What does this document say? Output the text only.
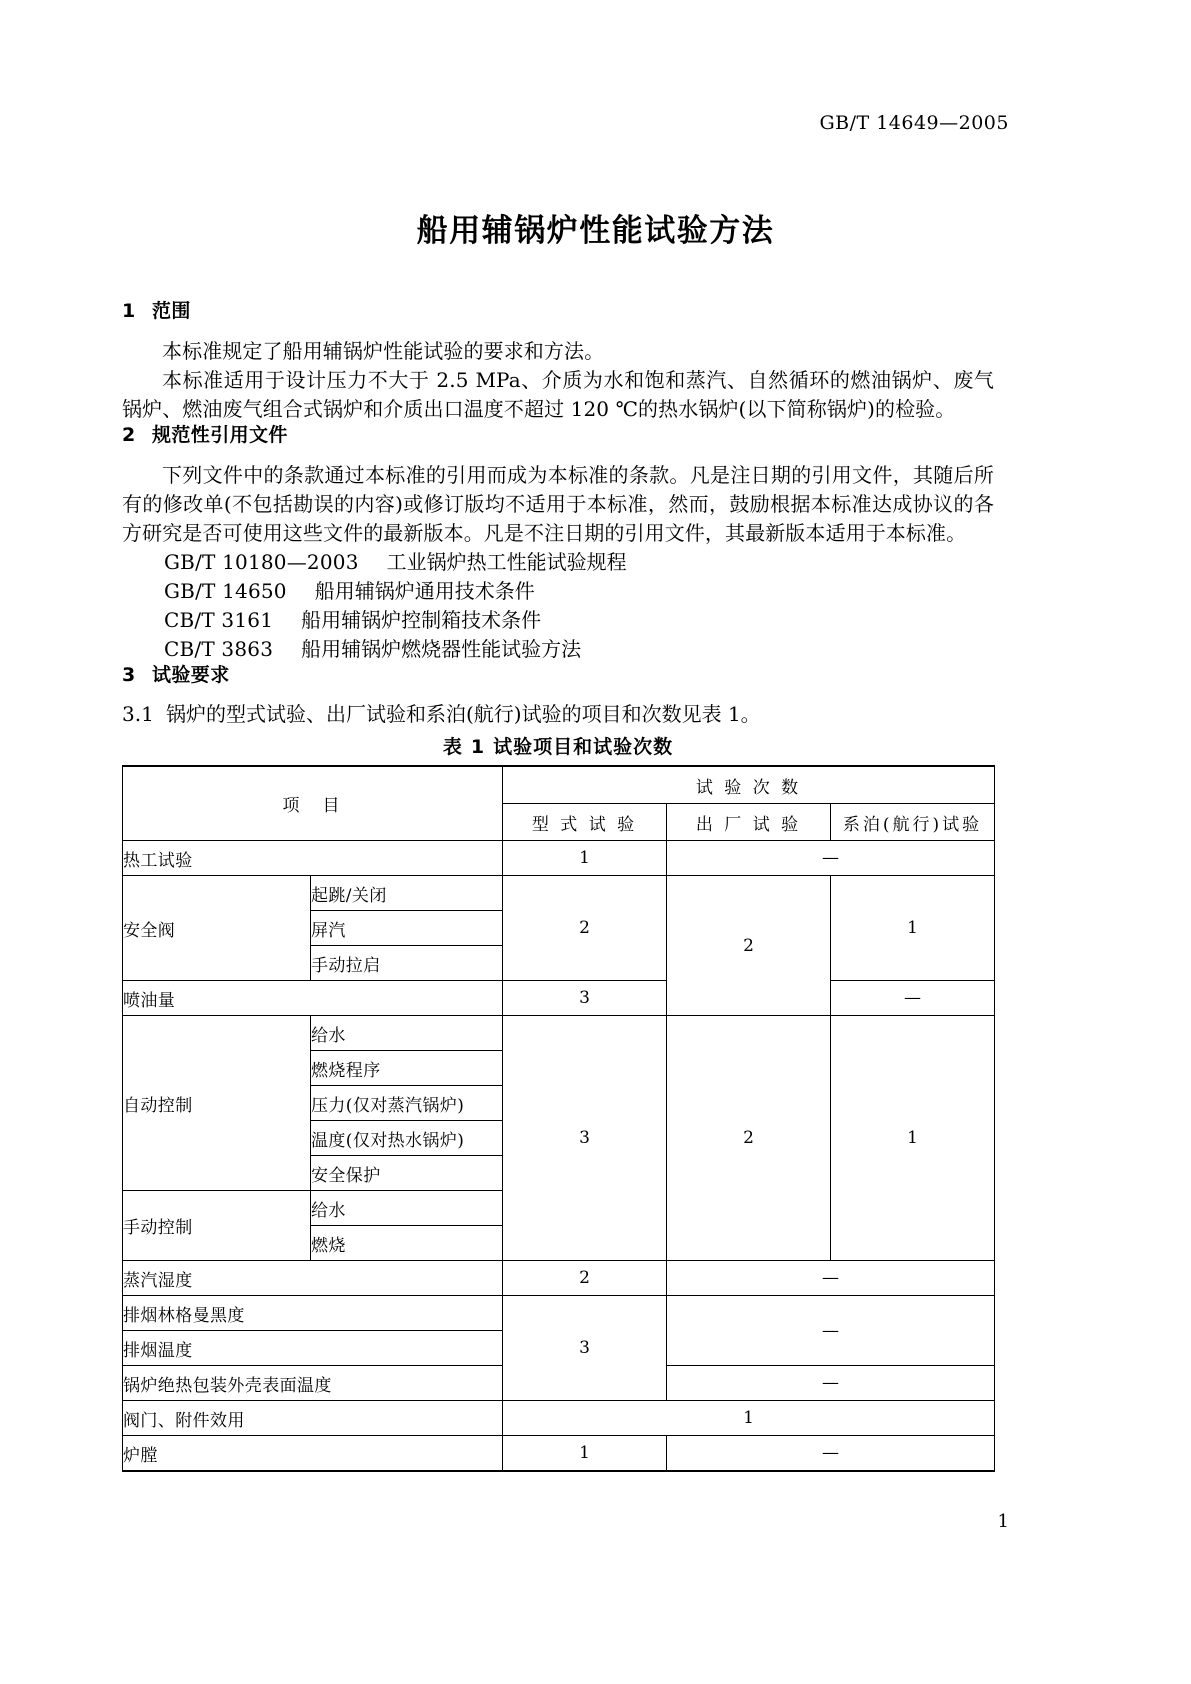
GB/T 14649—2005
船用辅锅炉性能试验方法
1 范围

本标准规定了船用辅锅炉性能试验的要求和方法。

本标准适用于设计压力不大于 2.5 MPa、介质为水和饱和蒸汽、自然循环的燃油锅炉、废气锅炉、燃油废气组合式锅炉和介质出口温度不超过 120 ℃的热水锅炉(以下简称锅炉)的检验。

2 规范性引用文件

下列文件中的条款通过本标准的引用而成为本标准的条款。凡是注日期的引用文件，其随后所有的修改单(不包括勘误的内容)或修订版均不适用于本标准，然而，鼓励根据本标准达成协议的各方研究是否可使用这些文件的最新版本。凡是不注日期的引用文件，其最新版本适用于本标准。

GB/T 10180—2003 工业锅炉热工性能试验规程
GB/T 14650 船用辅锅炉通用技术条件
CB/T 3161 船用辅锅炉控制箱技术条件
CB/T 3863 船用辅锅炉燃烧器性能试验方法
3 试验要求

3.1 锅炉的型式试验、出厂试验和系泊(航行)试验的项目和次数见表 1。

表 1 试验项目和试验次数
项　目		试 验 次 数		
		型 式 试 验	出 厂 试 验	系泊(航行)试验
热工试验		1	—	
安全阀	起跳/关闭	2	2	1
	屏汽			
	手动拉启			
喷油量		3		—
自动控制	给水	3	2	1
	燃烧程序			
	压力(仅对蒸汽锅炉)			
	温度(仅对热水锅炉)			
	安全保护			
手动控制	给水			
	燃烧			
蒸汽湿度		2	—	
排烟林格曼黑度		3	—	
排烟温度				
锅炉绝热包装外壳表面温度			—	
阀门、附件效用		1		
炉膛		1	—	
1
